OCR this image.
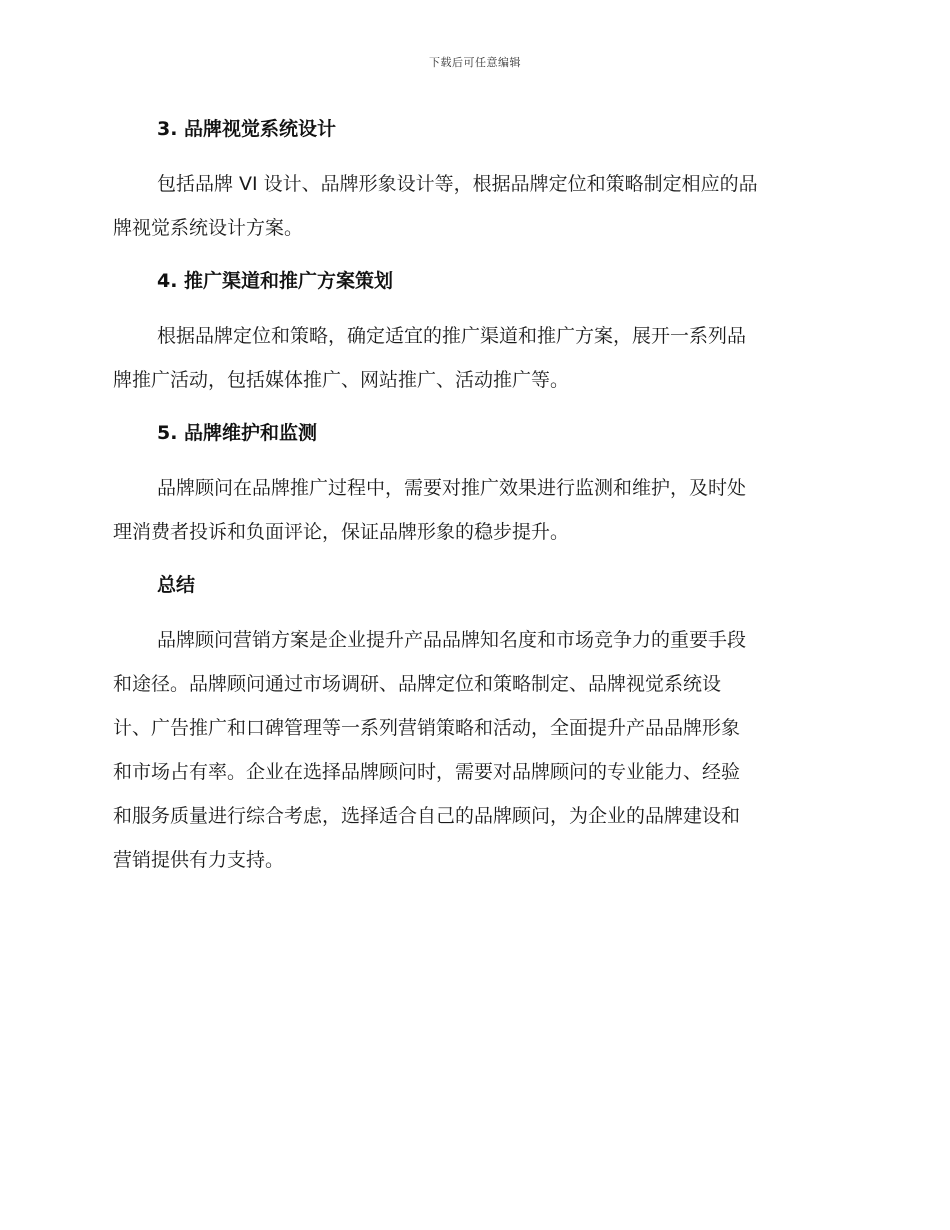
下载后可任意编辑
3. 品牌视觉系统设计
包括品牌 VI 设计、品牌形象设计等，根据品牌定位和策略制定相应的品
牌视觉系统设计方案。
4. 推广渠道和推广方案策划
根据品牌定位和策略，确定适宜的推广渠道和推广方案，展开一系列品
牌推广活动，包括媒体推广、网站推广、活动推广等。
5. 品牌维护和监测
品牌顾问在品牌推广过程中，需要对推广效果进行监测和维护，及时处
理消费者投诉和负面评论，保证品牌形象的稳步提升。
总结
品牌顾问营销方案是企业提升产品品牌知名度和市场竞争力的重要手段
和途径。品牌顾问通过市场调研、品牌定位和策略制定、品牌视觉系统设
计、广告推广和口碑管理等一系列营销策略和活动，全面提升产品品牌形象
和市场占有率。企业在选择品牌顾问时，需要对品牌顾问的专业能力、经验
和服务质量进行综合考虑，选择适合自己的品牌顾问，为企业的品牌建设和
营销提供有力支持。
